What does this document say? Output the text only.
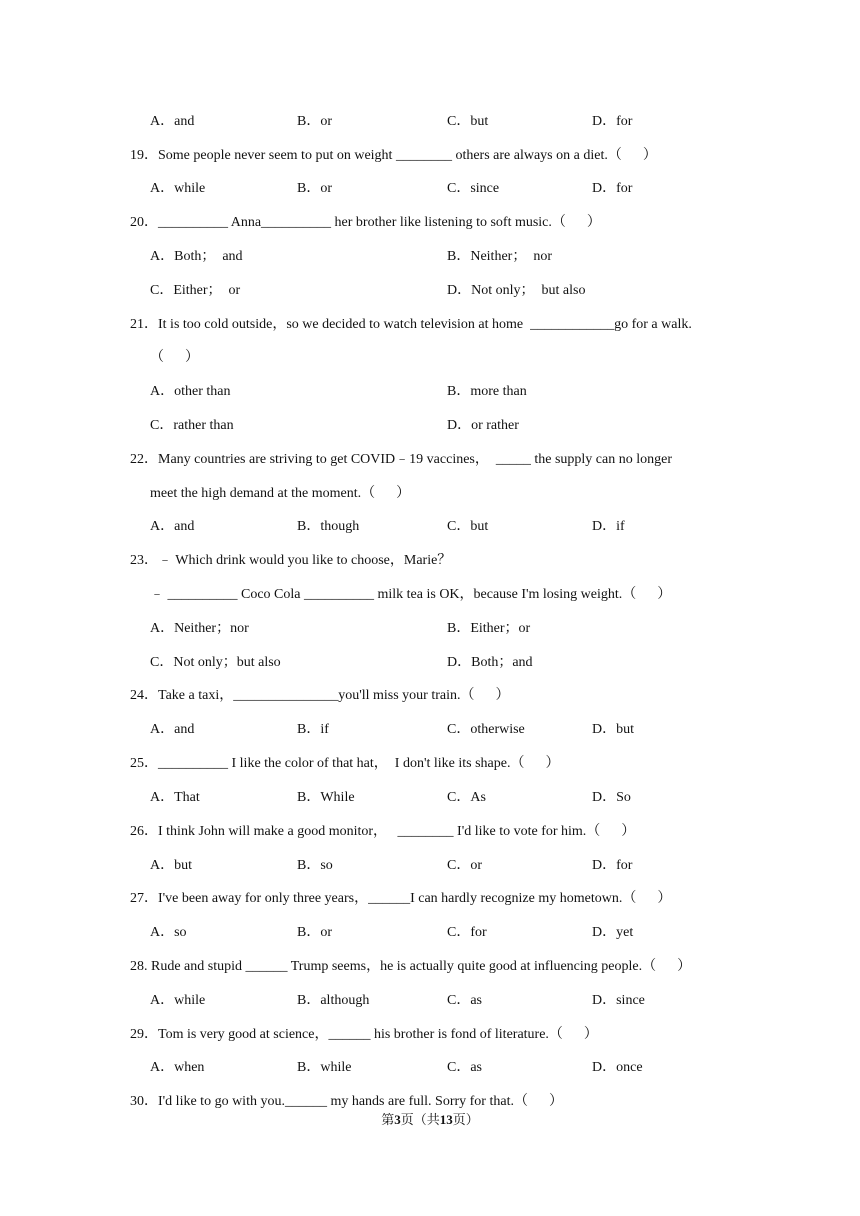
A．and	B．or	C．but	D．for
19．Some people never seem to put on weight ________ others are always on a diet.（      ）
A．while	B．or	C．since	D．for
20．__________ Anna__________ her brother like listening to soft music.（      ）
A．Both；  and	B．Neither；  nor
C．Either；  or	D．Not only；  but also
21．It is too cold outside，so we decided to watch television at home  ____________go for a walk.
（      ）
A．other than	B．more than
C．rather than	D．or rather
22．Many countries are striving to get COVID﹣19 vaccines，  _____ the supply can no longer
meet the high demand at the moment.（      ）
A．and	B．though	C．but	D．if
23．﹣ Which drink would you like to choose，Marie？
﹣ __________ Coco Cola __________ milk tea is OK，because I'm losing weight.（      ）
A．Neither；nor	B．Either；or
C．Not only；but also	D．Both；and
24．Take a taxi，_______________you'll miss your train.（      ）
A．and	B．if	C．otherwise	D．but
25．__________ I like the color of that hat，  I don't like its shape.（      ）
A．That	B．While	C．As	D．So
26．I think John will make a good monitor，   ________ I'd like to vote for him.（      ）
A．but	B．so	C．or	D．for
27．I've been away for only three years，______I can hardly recognize my hometown.（      ）
A．so	B．or	C．for	D．yet
28. Rude and stupid ______ Trump seems，he is actually quite good at influencing people.（      ）
A．while	B．although	C．as	D．since
29．Tom is very good at science，______ his brother is fond of literature.（      ）
A．when	B．while	C．as	D．once
30．I'd like to go with you.______ my hands are full. Sorry for that.（      ）
第3页（共13页）
